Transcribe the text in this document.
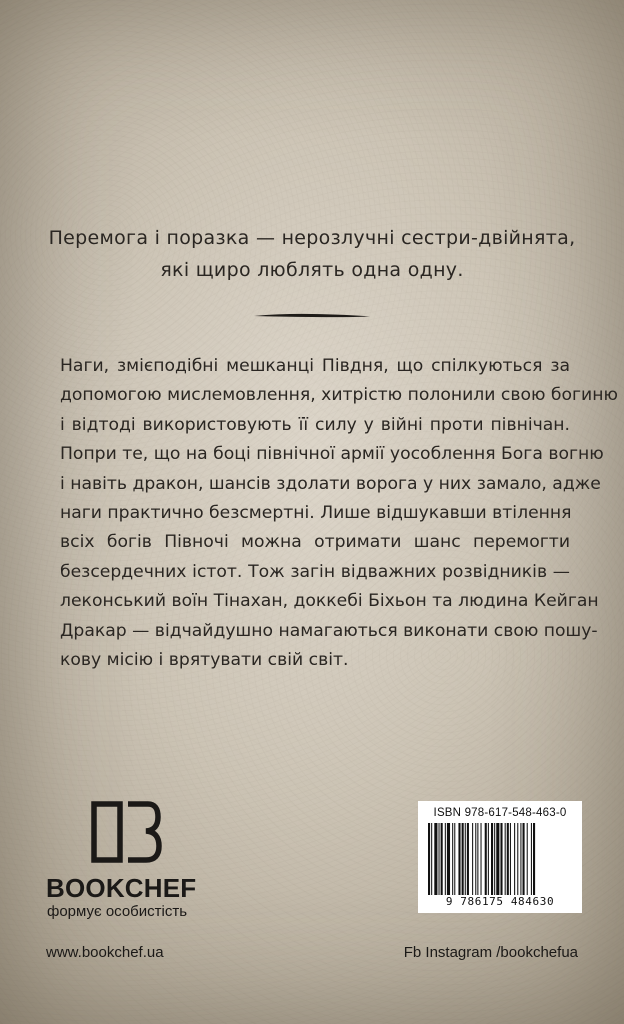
Перемога і поразка — нерозлучні сестри-двійнята,
які щиро люблять одна одну.
Наги, змієподібні мешканці Півдня, що спілкуються за
допомогою мислемовлення, хитрістю полонили свою богиню
і відтоді використовують її силу у війні проти північан.
Попри те, що на боці північної армії уособлення Бога вогню
і навіть дракон, шансів здолати ворога у них замало, адже
наги практично безсмертні. Лише відшукавши втілення
всіх богів Півночі можна отримати шанс перемогти
безсердечних істот. Тож загін відважних розвідників —
леконський воїн Тінахан, доккебі Біхьон та людина Кейган
Дракар — відчайдушно намагаються виконати свою пошу-
кову місію і врятувати свій світ.
BOOKCHEF
формує особистість
www.bookchef.ua	Fb Instagram /bookchefua
ISBN 978-617-548-463-0
9 786175 484630
